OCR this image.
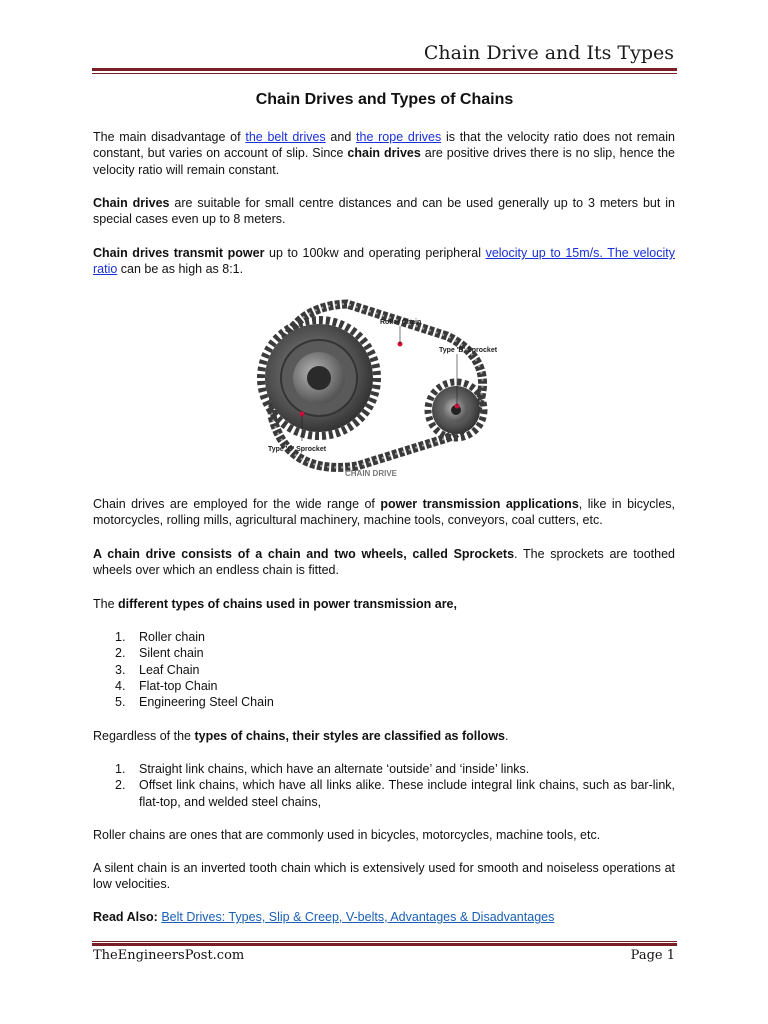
Chain Drive and Its Types
Chain Drives and Types of Chains

The main disadvantage of the belt drives and the rope drives is that the velocity ratio does not remain constant, but varies on account of slip. Since chain drives are positive drives there is no slip, hence the velocity ratio will remain constant.

Chain drives are suitable for small centre distances and can be used generally up to 3 meters but in special cases even up to 8 meters.

Chain drives transmit power up to 100kw and operating peripheral velocity up to 15m/s. The velocity ratio can be as high as 8:1.

Roller Chain
Type 'B' Sprocket
Type 'C' Sprocket
CHAIN DRIVE

Chain drives are employed for the wide range of power transmission applications, like in bicycles, motorcycles, rolling mills, agricultural machinery, machine tools, conveyors, coal cutters, etc.

A chain drive consists of a chain and two wheels, called Sprockets. The sprockets are toothed wheels over which an endless chain is fitted.

The different types of chains used in power transmission are,

1. Roller chain
2. Silent chain
3. Leaf Chain
4. Flat-top Chain
5. Engineering Steel Chain

Regardless of the types of chains, their styles are classified as follows.

1. Straight link chains, which have an alternate ‘outside’ and ‘inside’ links.
2. Offset link chains, which have all links alike. These include integral link chains, such as bar-link, flat-top, and welded steel chains,

Roller chains are ones that are commonly used in bicycles, motorcycles, machine tools, etc.

A silent chain is an inverted tooth chain which is extensively used for smooth and noiseless operations at low velocities.

Read Also: Belt Drives: Types, Slip & Creep, V-belts, Advantages & Disadvantages

TheEngineersPost.com	Page 1
